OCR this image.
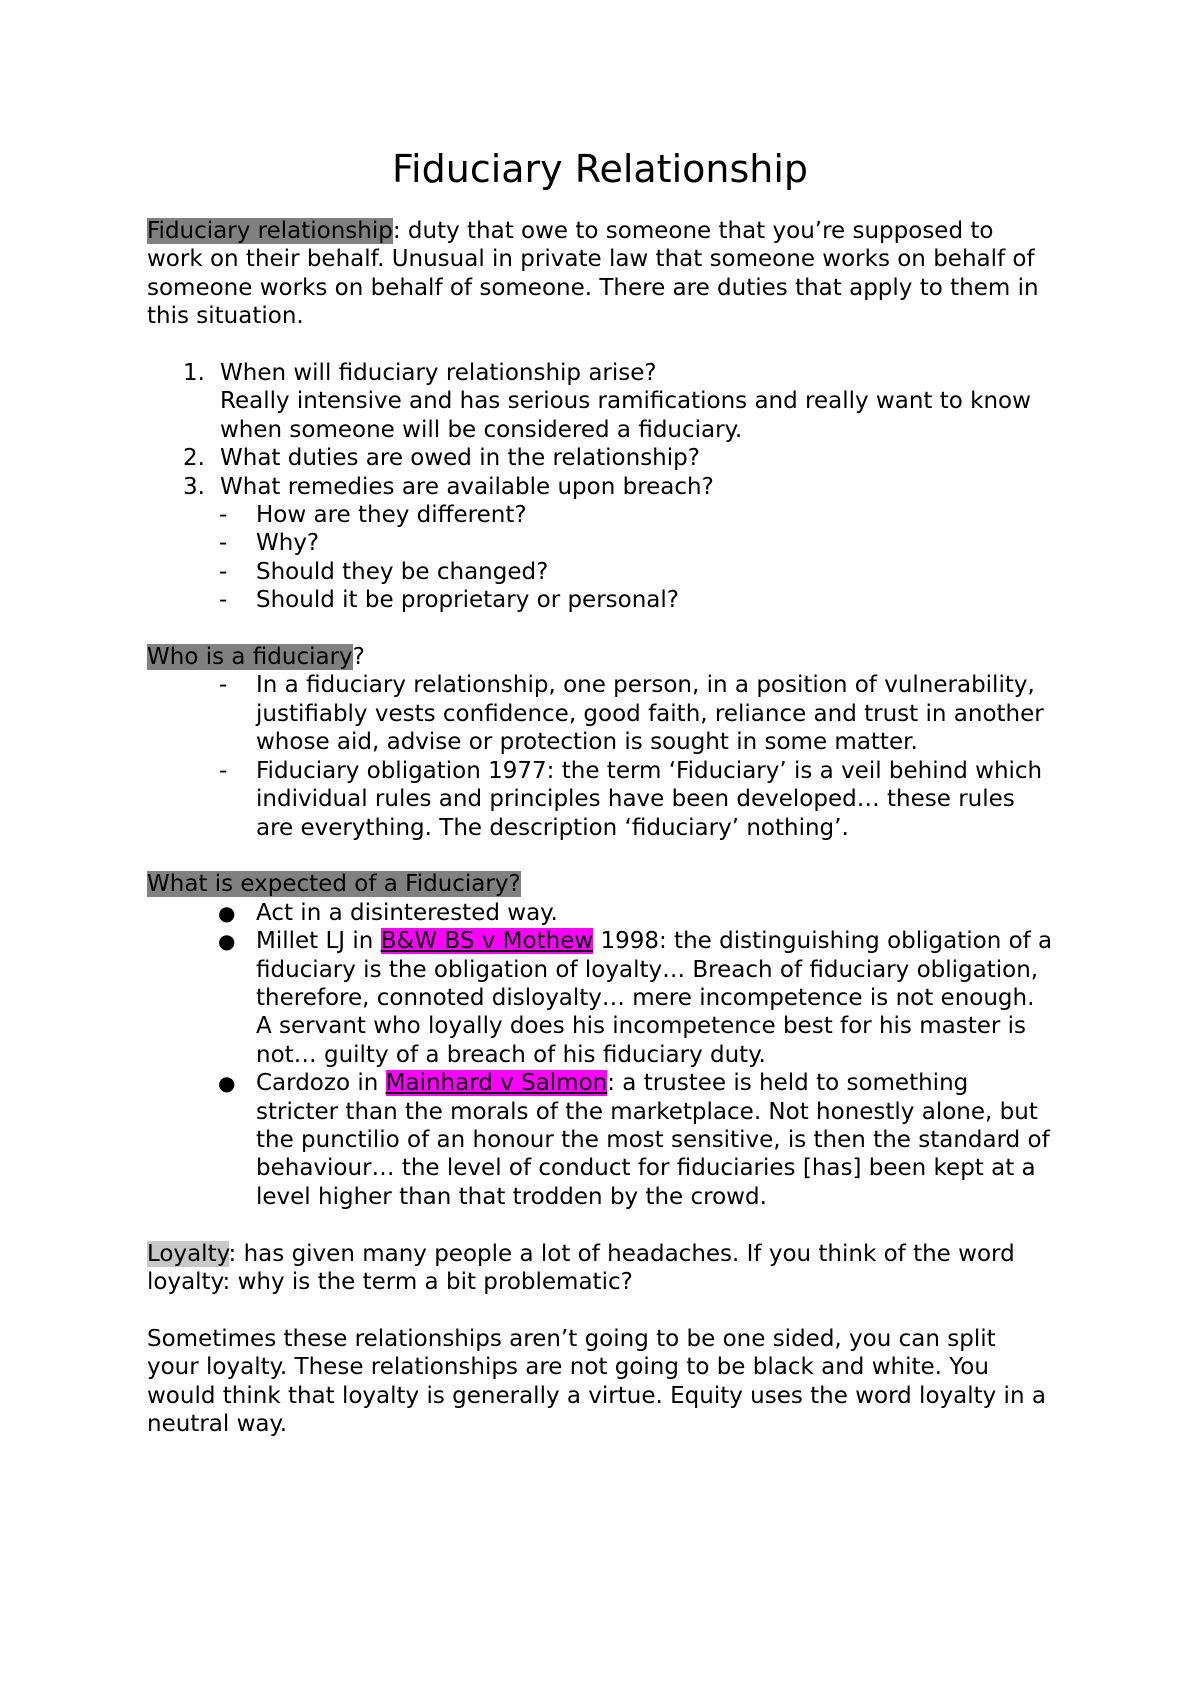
Fiduciary Relationship

Fiduciary relationship: duty that owe to someone that you’re supposed to work on their behalf. Unusual in private law that someone works on behalf of someone works on behalf of someone. There are duties that apply to them in this situation.

1. When will fiduciary relationship arise?
Really intensive and has serious ramifications and really want to know when someone will be considered a fiduciary.
2. What duties are owed in the relationship?
3. What remedies are available upon breach?
- How are they different?
- Why?
- Should they be changed?
- Should it be proprietary or personal?

Who is a fiduciary?

- In a fiduciary relationship, one person, in a position of vulnerability, justifiably vests confidence, good faith, reliance and trust in another whose aid, advise or protection is sought in some matter.
- Fiduciary obligation 1977: the term ‘Fiduciary’ is a veil behind which individual rules and principles have been developed… these rules are everything. The description ‘fiduciary’ nothing’.

What is expected of a Fiduciary?

● Act in a disinterested way.
● Millet LJ in B&W BS v Mothew 1998: the distinguishing obligation of a fiduciary is the obligation of loyalty… Breach of fiduciary obligation, therefore, connoted disloyalty… mere incompetence is not enough. A servant who loyally does his incompetence best for his master is not… guilty of a breach of his fiduciary duty.
● Cardozo in Mainhard v Salmon: a trustee is held to something stricter than the morals of the marketplace. Not honestly alone, but the punctilio of an honour the most sensitive, is then the standard of behaviour… the level of conduct for fiduciaries [has] been kept at a level higher than that trodden by the crowd.

Loyalty: has given many people a lot of headaches. If you think of the word loyalty: why is the term a bit problematic?

Sometimes these relationships aren’t going to be one sided, you can split your loyalty. These relationships are not going to be black and white. You would think that loyalty is generally a virtue. Equity uses the word loyalty in a neutral way.
